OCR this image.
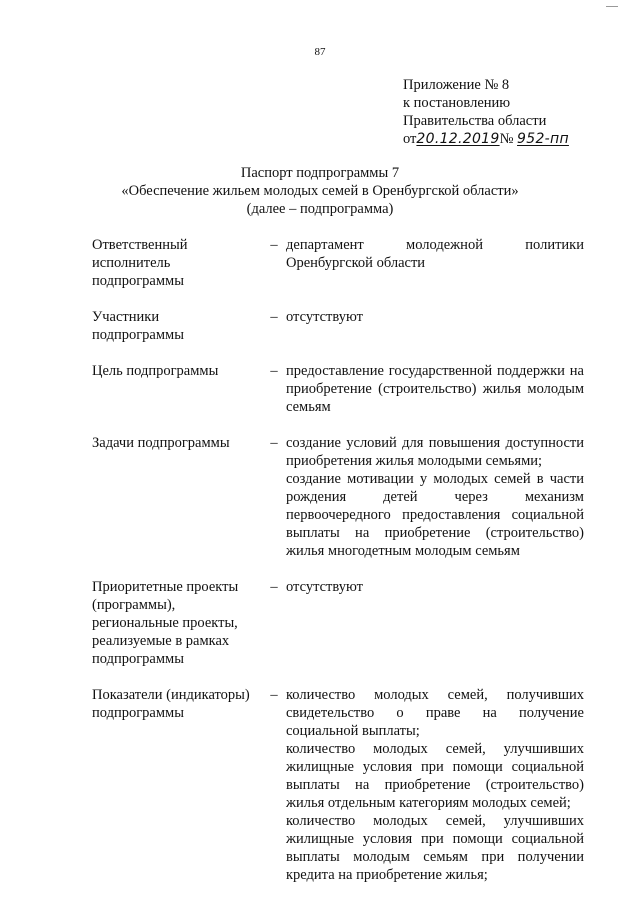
87
Приложение № 8
к постановлению
Правительства области
от20.12.2019№ 952-пп
Паспорт подпрограммы 7
«Обеспечение жильем молодых семей в Оренбургской области»
(далее – подпрограмма)
Ответственный исполнитель подпрограммы
– департамент молодежной политики Оренбургской области
Участники подпрограммы
– отсутствуют
Цель подпрограммы	– предоставление государственной поддержки на приобретение (строительство) жилья молодым семьям
Задачи подпрограммы	– создание условий для повышения доступности приобретения жилья молодыми семьями;
создание мотивации у молодых семей в части рождения детей через механизм первоочередного предоставления социальной выплаты на приобретение (строительство) жилья многодетным молодым семьям
Приоритетные проекты (программы), региональные проекты, реализуемые в рамках подпрограммы
– отсутствуют
Показатели (индикаторы) подпрограммы
– количество молодых семей, получивших свидетельство о праве на получение социальной выплаты;
количество молодых семей, улучшивших жилищные условия при помощи социальной выплаты на приобретение (строительство) жилья отдельным категориям молодых семей;
количество молодых семей, улучшивших жилищные условия при помощи социальной выплаты молодым семьям при получении кредита на приобретение жилья;
